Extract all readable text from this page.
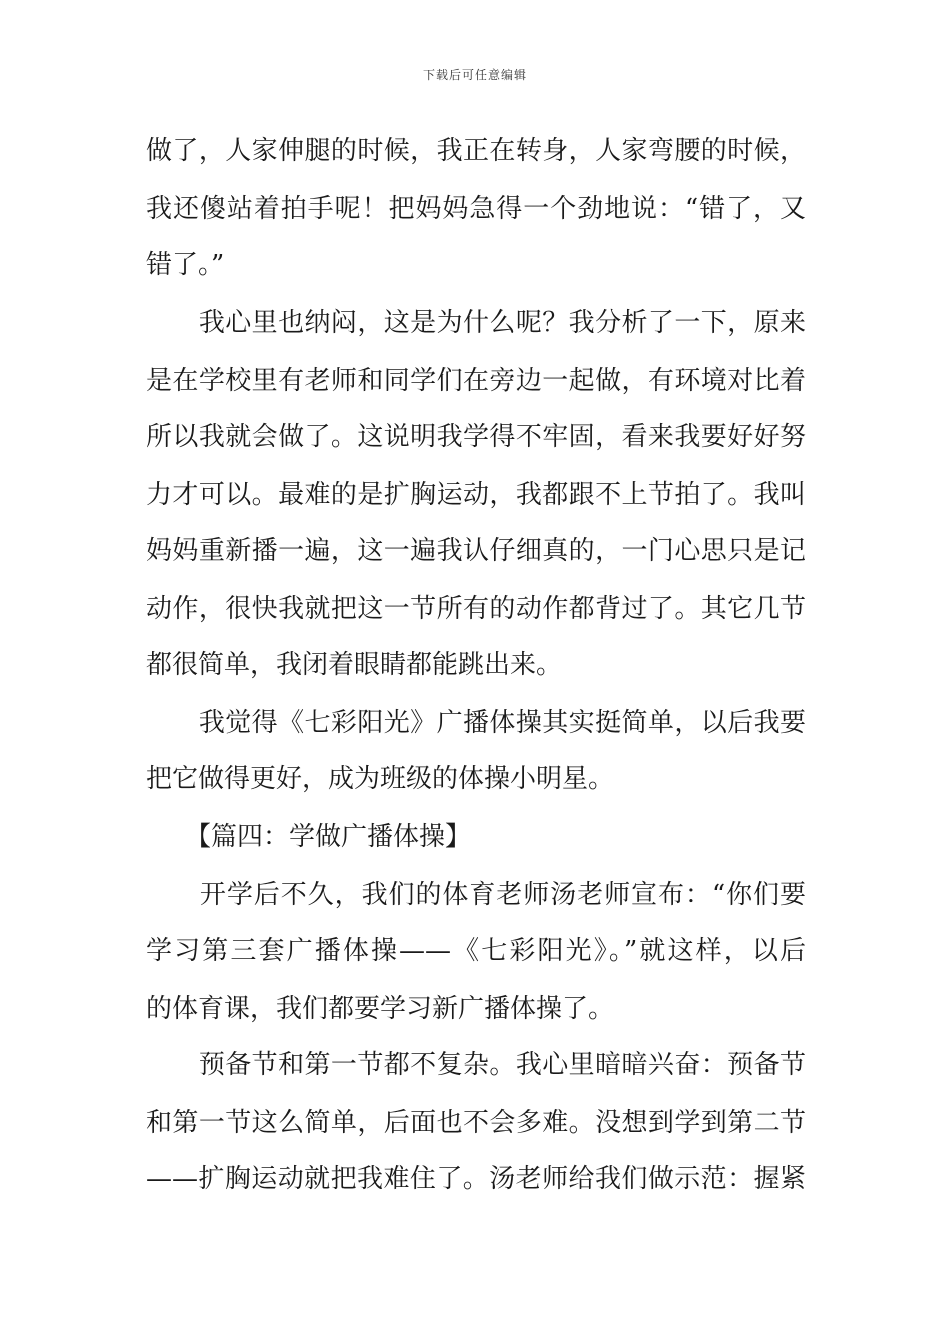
下载后可任意编辑
做了，人家伸腿的时候，我正在转身，人家弯腰的时候，
我还傻站着拍手呢！把妈妈急得一个劲地说：“错了，又
错了。”
　　我心里也纳闷，这是为什么呢？我分析了一下，原来
是在学校里有老师和同学们在旁边一起做，有环境对比着
所以我就会做了。这说明我学得不牢固，看来我要好好努
力才可以。最难的是扩胸运动，我都跟不上节拍了。我叫
妈妈重新播一遍，这一遍我认仔细真的，一门心思只是记
动作，很快我就把这一节所有的动作都背过了。其它几节
都很简单，我闭着眼睛都能跳出来。
　　我觉得《七彩阳光》广播体操其实挺简单，以后我要
把它做得更好，成为班级的体操小明星。
　　【篇四：学做广播体操】
　　开学后不久，我们的体育老师汤老师宣布：“你们要
学习第三套广播体操——《七彩阳光》。”就这样，以后
的体育课，我们都要学习新广播体操了。
　　预备节和第一节都不复杂。我心里暗暗兴奋：预备节
和第一节这么简单，后面也不会多难。没想到学到第二节
——扩胸运动就把我难住了。汤老师给我们做示范：握紧
